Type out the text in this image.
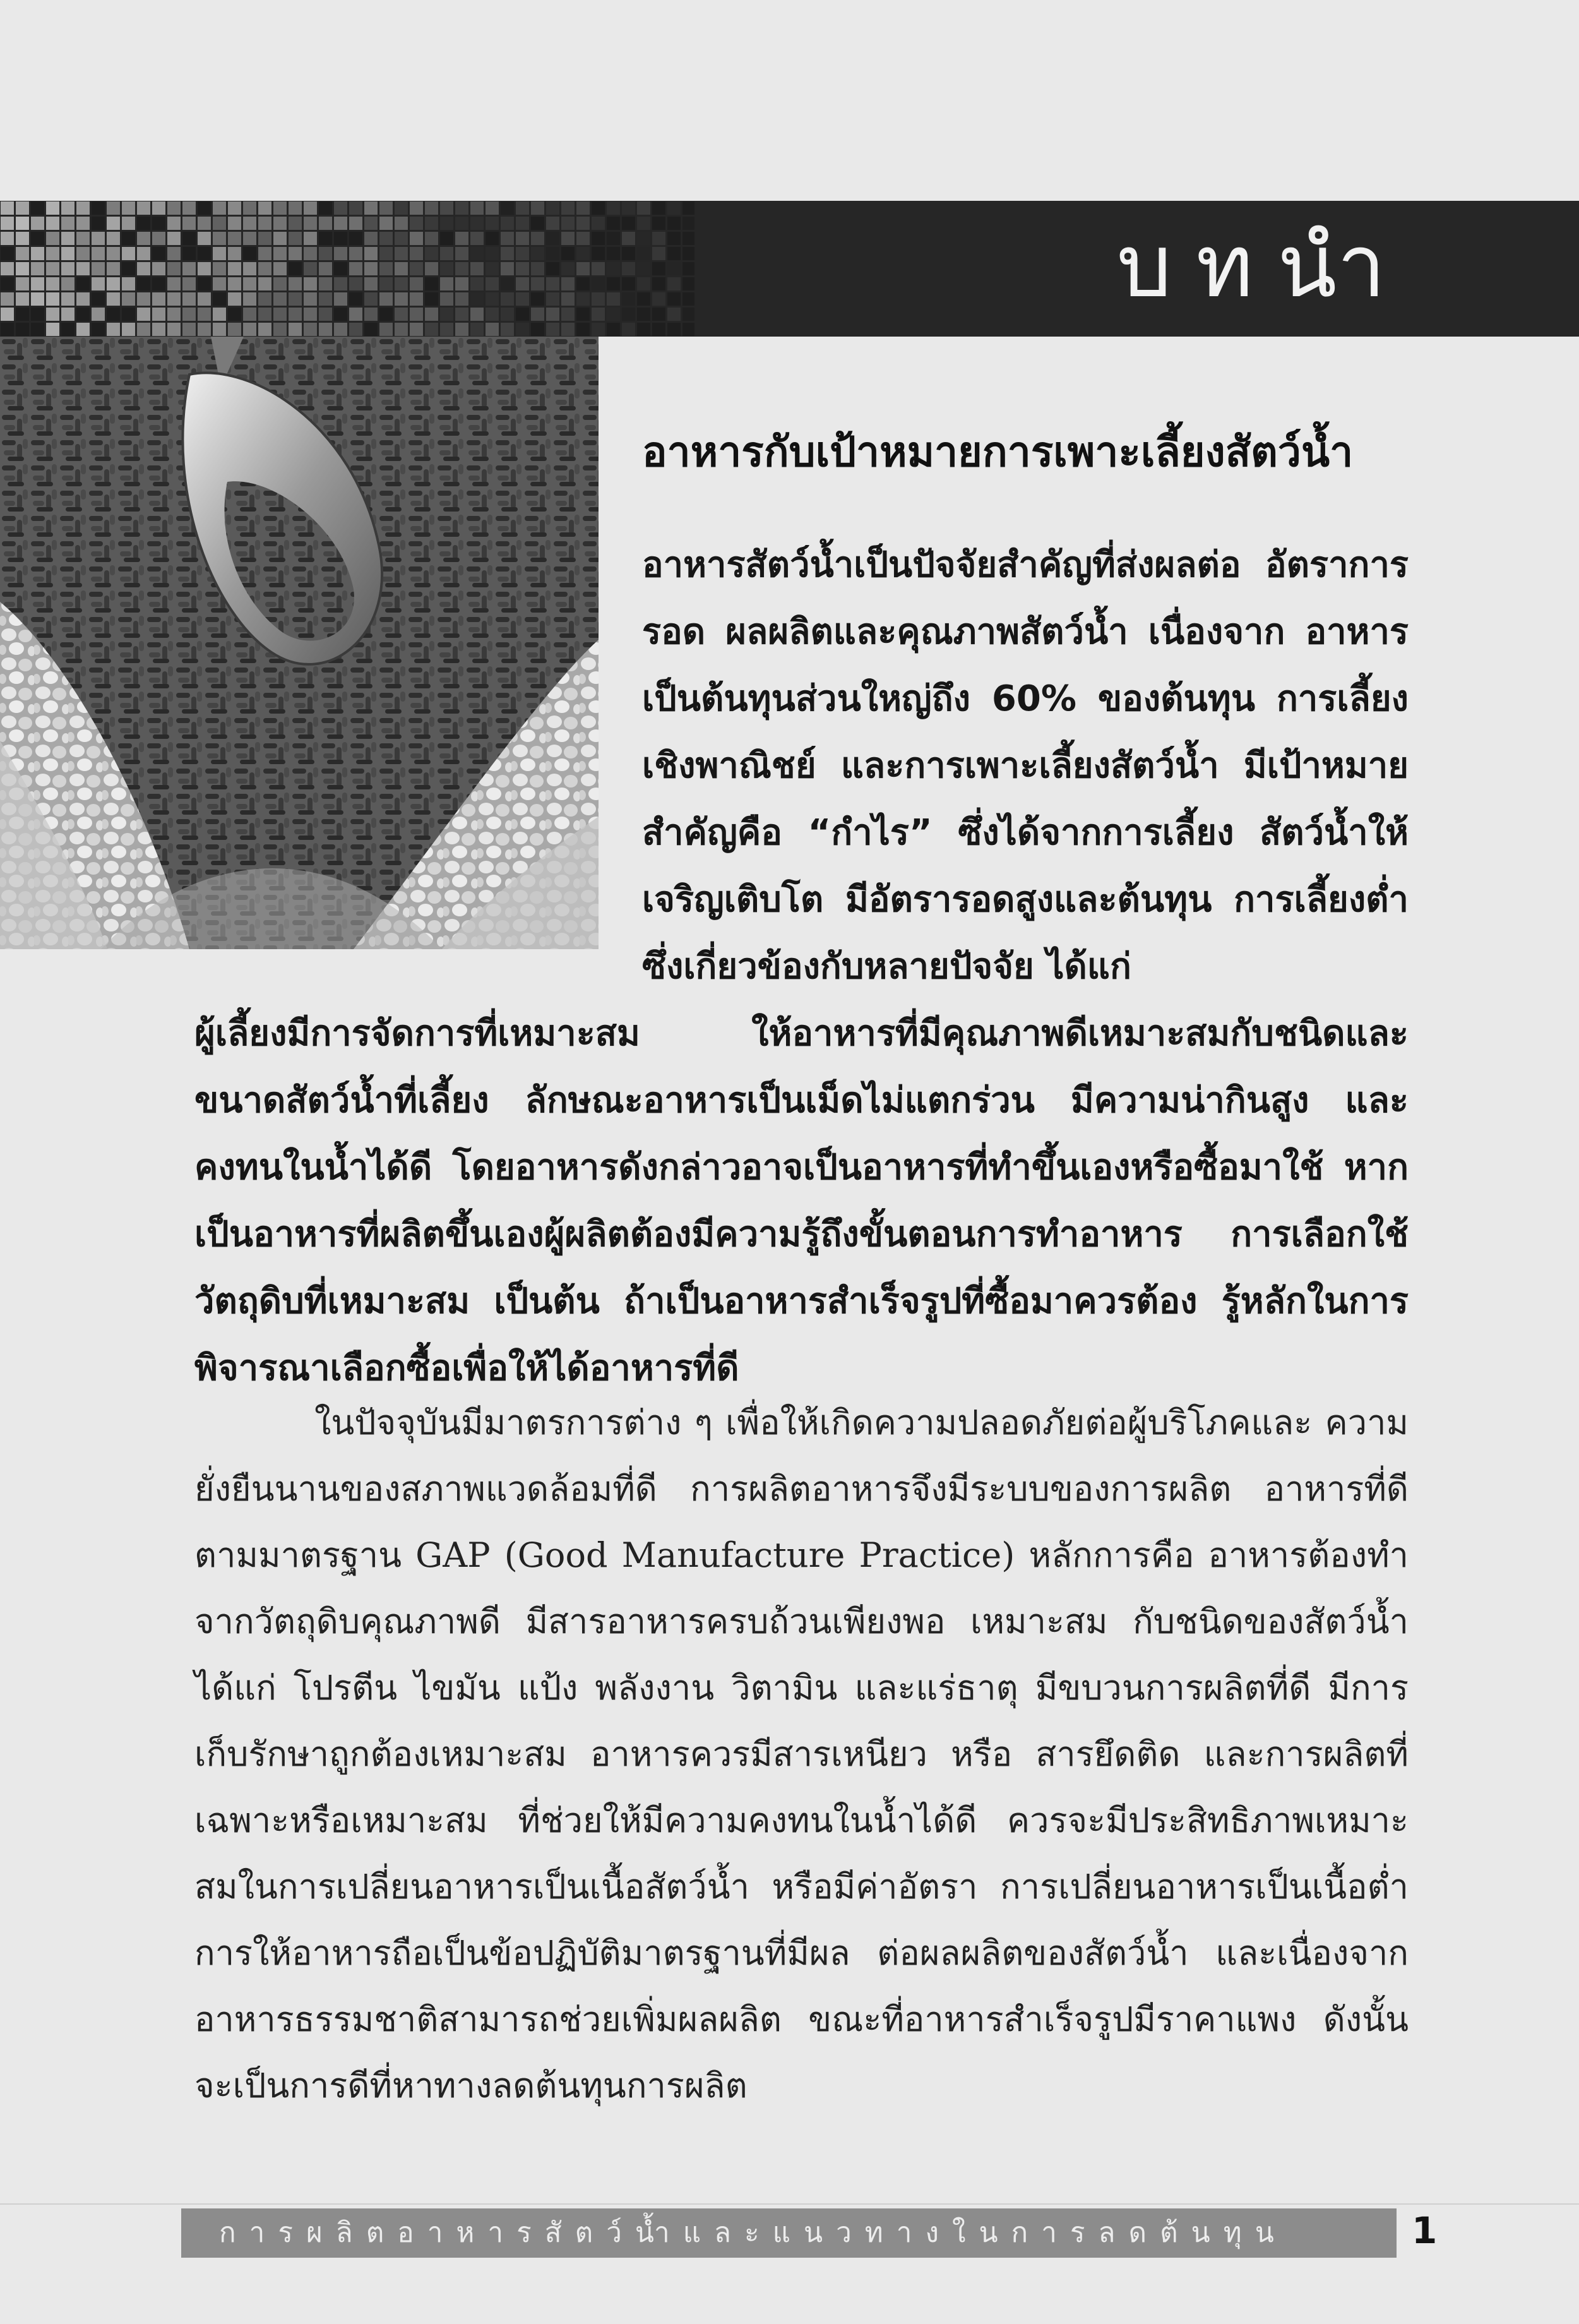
บทนำ
อาหารกับเป้าหมายการเพาะเลี้ยงสัตว์น้ำ

อาหารสัตว์น้ำเป็นปัจจัยสำคัญที่ส่งผลต่อ อัตราการรอด ผลผลิตและคุณภาพสัตว์น้ำ เนื่องจาก อาหารเป็นต้นทุนส่วนใหญ่ถึง 60% ของต้นทุน การเลี้ยงเชิงพาณิชย์ และการเพาะเลี้ยงสัตว์น้ำ มีเป้าหมายสำคัญคือ “กำไร” ซึ่งได้จากการเลี้ยง สัตว์น้ำให้เจริญเติบโต มีอัตรารอดสูงและต้นทุน การเลี้ยงต่ำ ซึ่งเกี่ยวข้องกับหลายปัจจัย ได้แก่

ผู้เลี้ยงมีการจัดการที่เหมาะสม ให้อาหารที่มีคุณภาพดีเหมาะสมกับชนิดและ ขนาดสัตว์น้ำที่เลี้ยง ลักษณะอาหารเป็นเม็ดไม่แตกร่วน มีความน่ากินสูง และ คงทนในน้ำได้ดี โดยอาหารดังกล่าวอาจเป็นอาหารที่ทำขึ้นเองหรือซื้อมาใช้ หากเป็นอาหารที่ผลิตขึ้นเองผู้ผลิตต้องมีความรู้ถึงขั้นตอนการทำอาหาร การเลือกใช้วัตถุดิบที่เหมาะสม เป็นต้น ถ้าเป็นอาหารสำเร็จรูปที่ซื้อมาควรต้อง รู้หลักในการพิจารณาเลือกซื้อเพื่อให้ได้อาหารที่ดี

ในปัจจุบันมีมาตรการต่าง ๆ เพื่อให้เกิดความปลอดภัยต่อผู้บริโภคและ ความยั่งยืนนานของสภาพแวดล้อมที่ดี การผลิตอาหารจึงมีระบบของการผลิต อาหารที่ดีตามมาตรฐาน GAP (Good Manufacture Practice) หลักการคือ อาหารต้องทำจากวัตถุดิบคุณภาพดี มีสารอาหารครบถ้วนเพียงพอ เหมาะสม กับชนิดของสัตว์น้ำ ได้แก่ โปรตีน ไขมัน แป้ง พลังงาน วิตามิน และแร่ธาตุ มีขบวนการผลิตที่ดี มีการเก็บรักษาถูกต้องเหมาะสม อาหารควรมีสารเหนียว หรือ สารยึดติด และการผลิตที่เฉพาะหรือเหมาะสม ที่ช่วยให้มีความคงทนในน้ำได้ดี ควรจะมีประสิทธิภาพเหมาะสมในการเปลี่ยนอาหารเป็นเนื้อสัตว์น้ำ หรือมีค่าอัตรา การเปลี่ยนอาหารเป็นเนื้อต่ำ การให้อาหารถือเป็นข้อปฏิบัติมาตรฐานที่มีผล ต่อผลผลิตของสัตว์น้ำ และเนื่องจากอาหารธรรมชาติสามารถช่วยเพิ่มผลผลิต ขณะที่อาหารสำเร็จรูปมีราคาแพง ดังนั้นจะเป็นการดีที่หาทางลดต้นทุนการผลิต

การผลิตอาหารสัตว์น้ำและแนวทางในการลดต้นทุน	1
